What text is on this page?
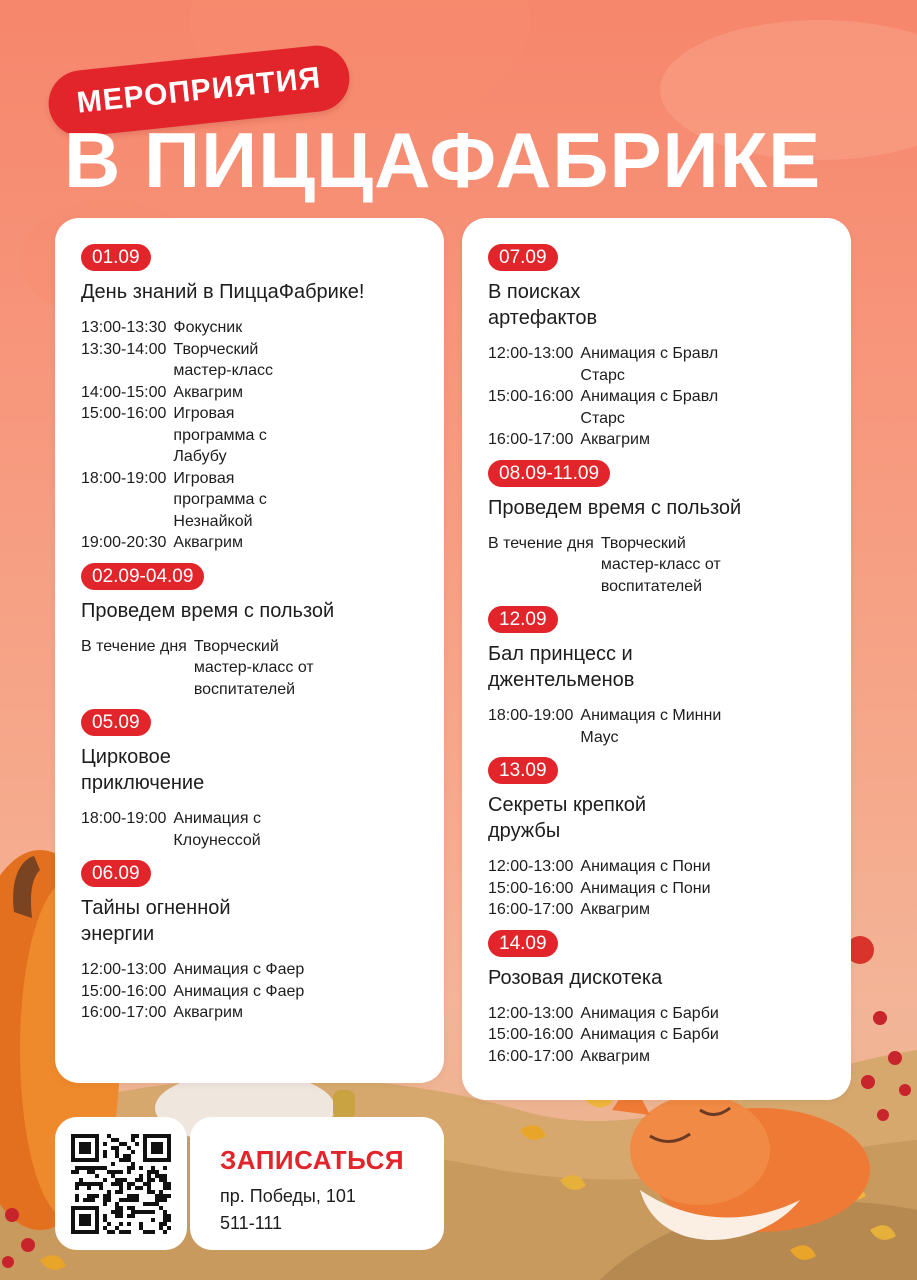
МЕРОПРИЯТИЯ
В ПИЦЦАФАБРИКЕ
01.09
День знаний в ПиццаФабрике!
13:00-13:30 Фокусник
13:30-14:00 Творческий мастер-класс
14:00-15:00 Аквагрим
15:00-16:00 Игровая программа с Лабубу
18:00-19:00 Игровая программа с Незнайкой
19:00-20:30 Аквагрим
02.09-04.09
Проведем время с пользой
В течение дня Творческий мастер-класс от воспитателей
05.09
Цирковое приключение
18:00-19:00 Анимация с Клоунессой
06.09
Тайны огненной энергии
12:00-13:00 Анимация с Фаер
15:00-16:00 Анимация с Фаер
16:00-17:00 Аквагрим
07.09
В поисках артефактов
12:00-13:00 Анимация с Бравл Старс
15:00-16:00 Анимация с Бравл Старс
16:00-17:00 Аквагрим
08.09-11.09
Проведем время с пользой
В течение дня Творческий мастер-класс от воспитателей
12.09
Бал принцесс и джентельменов
18:00-19:00 Анимация с Минни Маус
13.09
Секреты крепкой дружбы
12:00-13:00 Анимация с Пони
15:00-16:00 Анимация с Пони
16:00-17:00 Аквагрим
14.09
Розовая дискотека
12:00-13:00 Анимация с Барби
15:00-16:00 Анимация с Барби
16:00-17:00 Аквагрим
ЗАПИСАТЬСЯ
пр. Победы, 101
511-111
